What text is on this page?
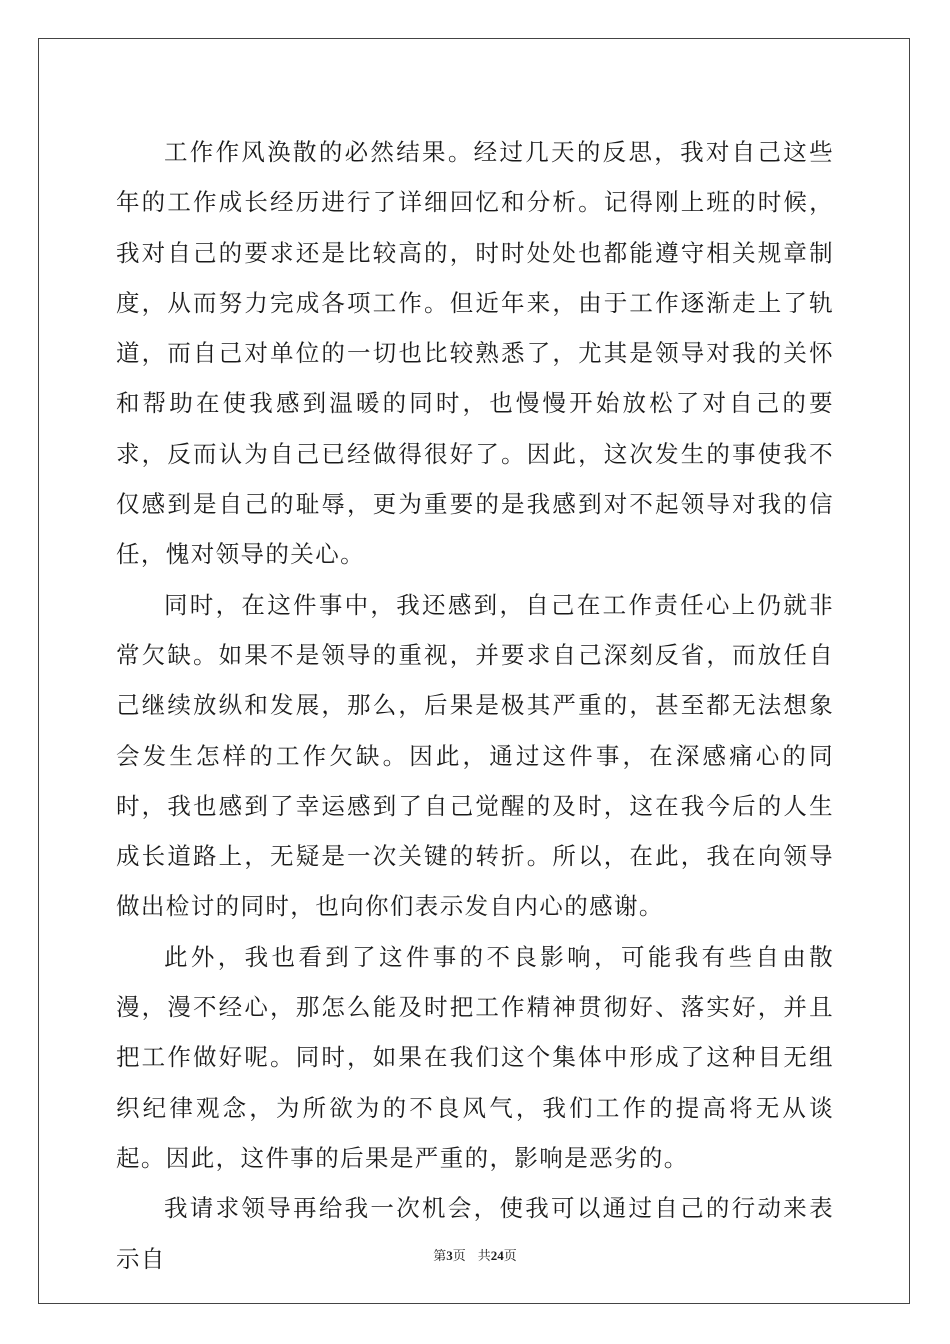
工作作风涣散的必然结果。经过几天的反思，我对自己这些年的工作成长经历进行了详细回忆和分析。记得刚上班的时候，我对自己的要求还是比较高的，时时处处也都能遵守相关规章制度，从而努力完成各项工作。但近年来，由于工作逐渐走上了轨道，而自己对单位的一切也比较熟悉了，尤其是领导对我的关怀和帮助在使我感到温暖的同时，也慢慢开始放松了对自己的要求，反而认为自己已经做得很好了。因此，这次发生的事使我不仅感到是自己的耻辱，更为重要的是我感到对不起领导对我的信任，愧对领导的关心。

同时，在这件事中，我还感到，自己在工作责任心上仍就非常欠缺。如果不是领导的重视，并要求自己深刻反省，而放任自己继续放纵和发展，那么，后果是极其严重的，甚至都无法想象会发生怎样的工作欠缺。因此，通过这件事，在深感痛心的同时，我也感到了幸运感到了自己觉醒的及时，这在我今后的人生成长道路上，无疑是一次关键的转折。所以，在此，我在向领导做出检讨的同时，也向你们表示发自内心的感谢。

此外，我也看到了这件事的不良影响，可能我有些自由散漫，漫不经心，那怎么能及时把工作精神贯彻好、落实好，并且把工作做好呢。同时，如果在我们这个集体中形成了这种目无组织纪律观念，为所欲为的不良风气，我们工作的提高将无从谈起。因此，这件事的后果是严重的，影响是恶劣的。

我请求领导再给我一次机会，使我可以通过自己的行动来表示自	第3页 共24页
